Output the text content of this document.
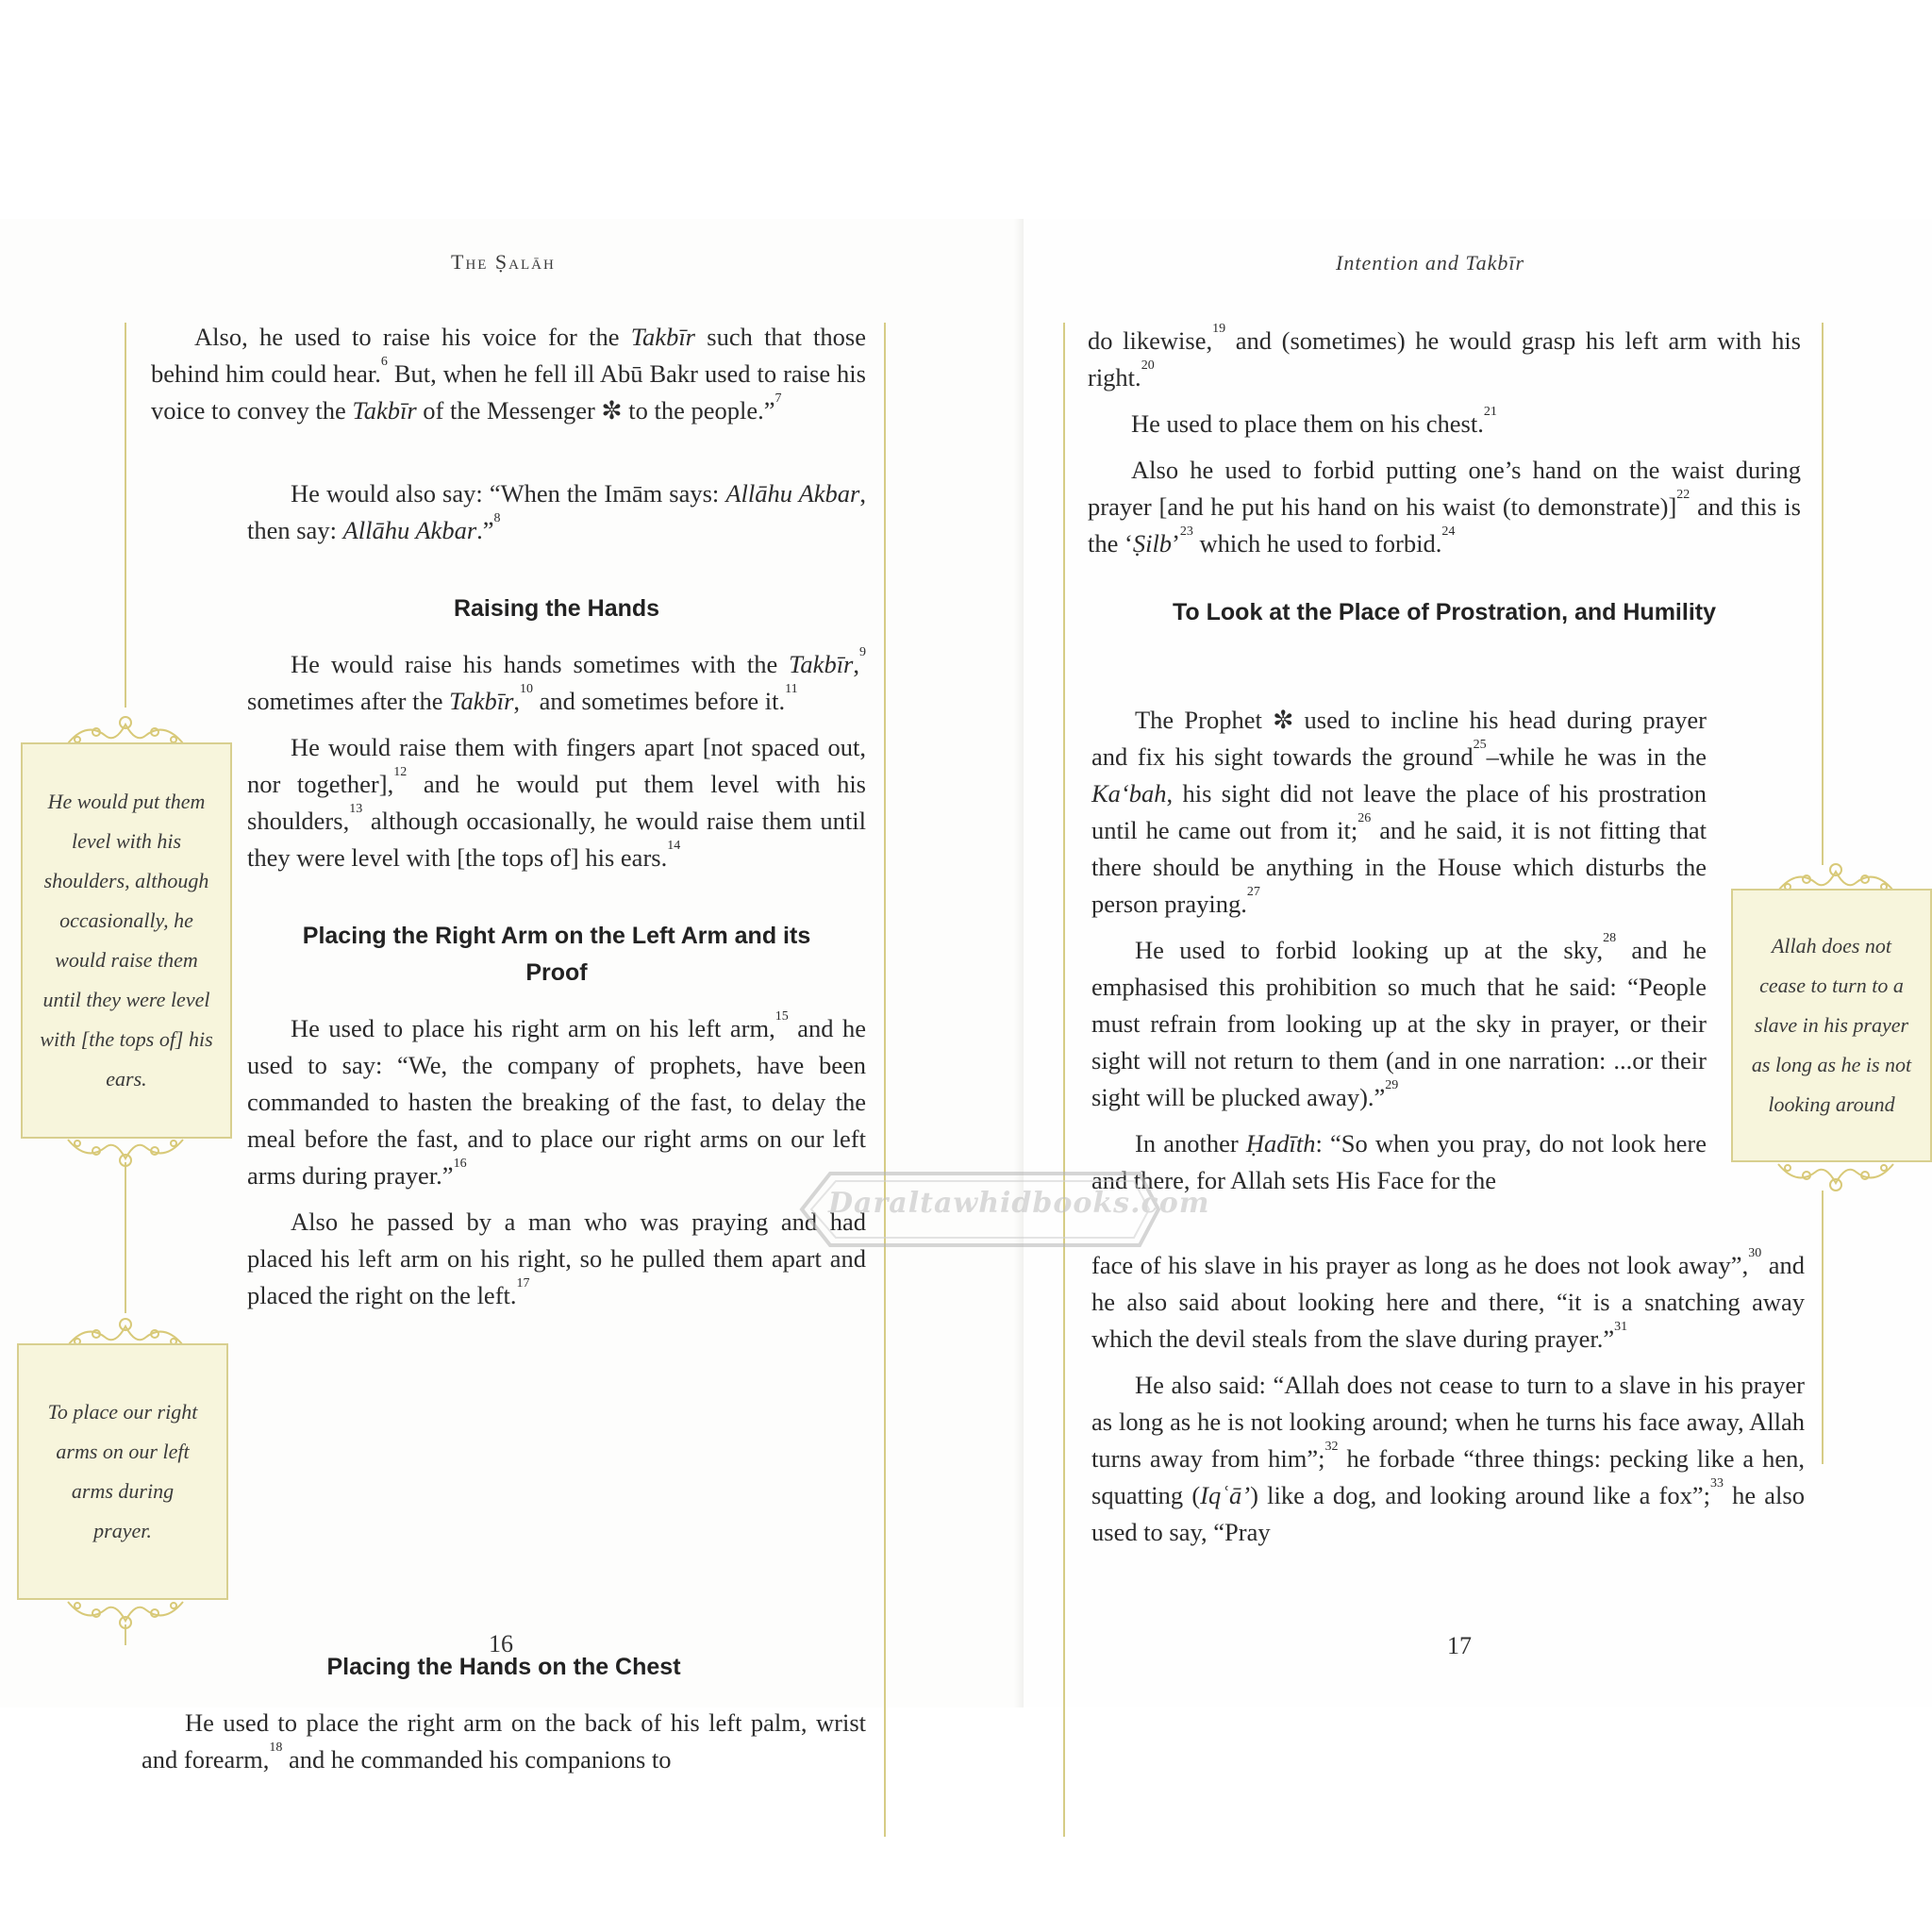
The Ṣalāh
He would put them level with his shoulders, although occasionally, he would raise them until they were level with [the tops of] his ears.
To place our right arms on our left arms during prayer.

Also, he used to raise his voice for the Takbīr such that those behind him could hear.$^6$ But, when he fell ill Abū Bakr used to raise his voice to convey the Takbīr of the Messenger ✼ to the people.”$^7$

He would also say: “When the Imām says: Allāhu Akbar, then say: Allāhu Akbar.”$^8$

Raising the Hands

He would raise his hands sometimes with the Takbīr,$^9$ sometimes after the Takbīr,$^{10}$ and sometimes before it.$^{11}$

He would raise them with fingers apart [not spaced out, nor together],$^{12}$ and he would put them level with his shoulders,$^{13}$ although occasionally, he would raise them until they were level with [the tops of] his ears.$^{14}$

Placing the Right Arm on the Left Arm and its Proof

He used to place his right arm on his left arm,$^{15}$ and he used to say: “We, the company of prophets, have been commanded to hasten the breaking of the fast, to delay the meal before the fast, and to place our right arms on our left arms during prayer.”$^{16}$

Also he passed by a man who was praying and had placed his left arm on his right, so he pulled them apart and placed the right on the left.$^{17}$

Placing the Hands on the Chest

He used to place the right arm on the back of his left palm, wrist and forearm,$^{18}$ and he commanded his companions to

16
Intention and Takbīr
Allah does not cease to turn to a slave in his prayer as long as he is not looking around

do likewise,$^{19}$ and (sometimes) he would grasp his left arm with his right.$^{20}$

He used to place them on his chest.$^{21}$

Also he used to forbid putting one’s hand on the waist during prayer [and he put his hand on his waist (to demonstrate)]$^{22}$ and this is the ‘Ṣilb’$^{23}$ which he used to forbid.$^{24}$

To Look at the Place of Prostration, and Humility

The Prophet ✼ used to incline his head during prayer and fix his sight towards the ground$^{25}$–while he was in the Ka‘bah, his sight did not leave the place of his prostration until he came out from it;$^{26}$ and he said, it is not fitting that there should be anything in the House which disturbs the person praying.$^{27}$

He used to forbid looking up at the sky,$^{28}$ and he emphasised this prohibition so much that he said: “People must refrain from looking up at the sky in prayer, or their sight will not return to them (and in one narration: ...or their sight will be plucked away).”$^{29}$

In another Ḥadīth: “So when you pray, do not look here and there, for Allah sets His Face for the

face of his slave in his prayer as long as he does not look away”,$^{30}$ and he also said about looking here and there, “it is a snatching away which the devil steals from the slave during prayer.”$^{31}$

He also said: “Allah does not cease to turn to a slave in his prayer as long as he is not looking around; when he turns his face away, Allah turns away from him”;$^{32}$ he forbade “three things: pecking like a hen, squatting (Iqʿā’) like a dog, and looking around like a fox”;$^{33}$ he also used to say, “Pray

17
Daraltawhidbooks.com
